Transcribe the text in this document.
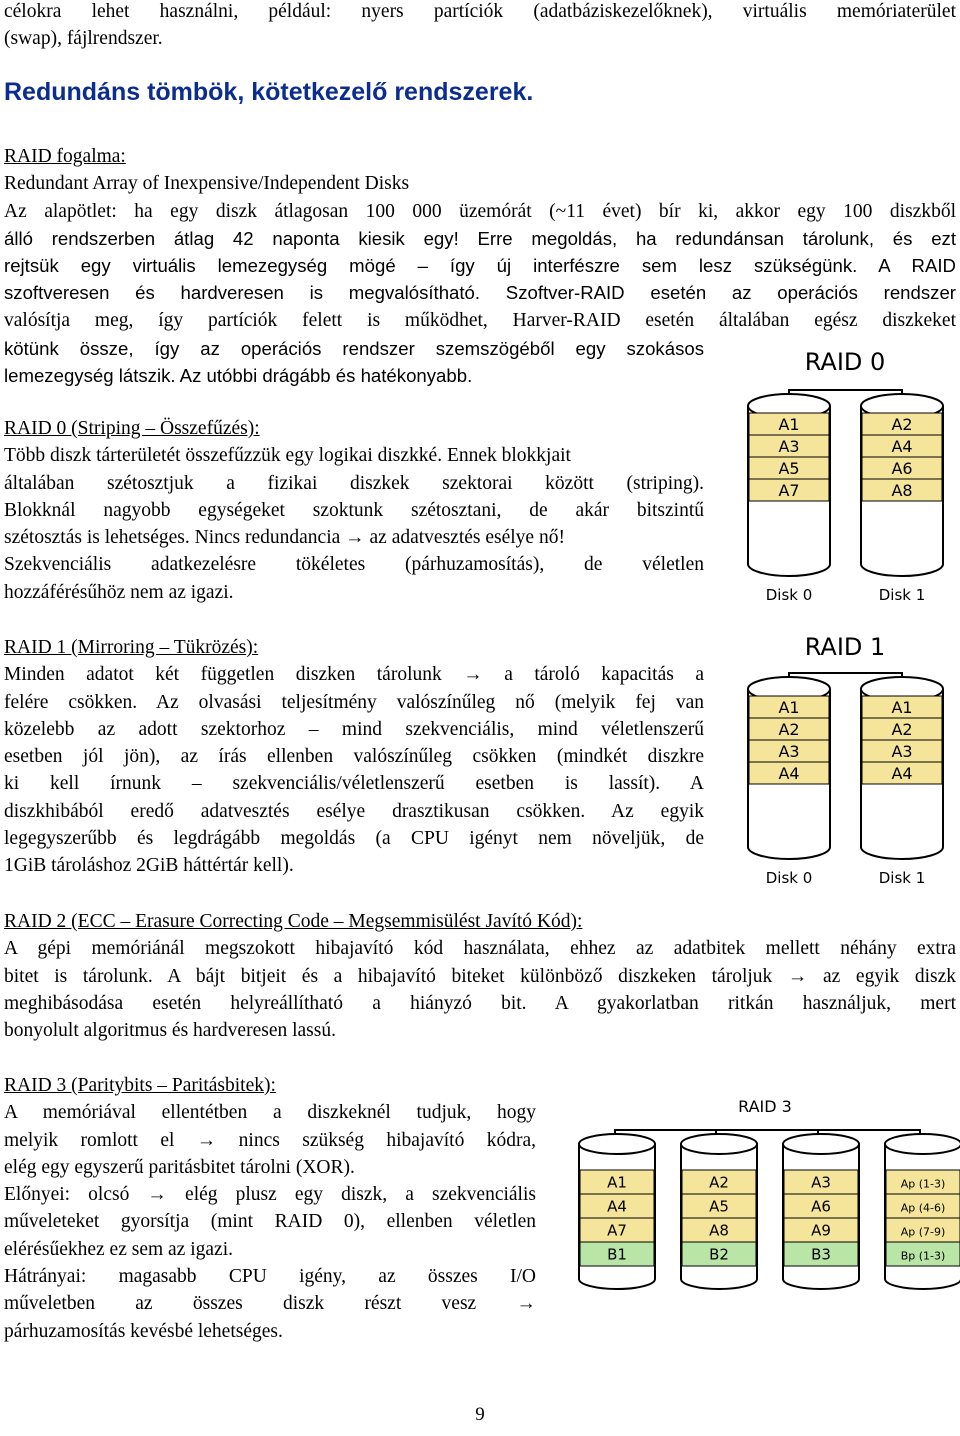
célokra lehet használni, például: nyers partíciók (adatbáziskezelőknek), virtuális memóriaterület
(swap), fájlrendszer.
Redundáns tömbök, kötetkezelő rendszerek.
RAID fogalma:
Redundant Array of Inexpensive/Independent Disks
Az alapötlet: ha egy diszk átlagosan 100 000 üzemórát (~11 évet) bír ki, akkor egy 100 diszkből
álló rendszerben átlag 42 naponta kiesik egy! Erre megoldás, ha redundánsan tárolunk, és ezt
rejtsük egy virtuális lemezegység mögé – így új interfészre sem lesz szükségünk. A RAID
szoftveresen és hardveresen is megvalósítható. Szoftver-RAID esetén az operációs rendszer
valósítja meg, így partíciók felett is működhet, Harver-RAID esetén általában egész diszkeket
kötünk össze, így az operációs rendszer szemszögéből egy szokásos
lemezegység látszik. Az utóbbi drágább és hatékonyabb.
RAID 0 (Striping – Összefűzés):
Több diszk tárterületét összefűzzük egy logikai diszkké. Ennek blokkjait
általában szétosztjuk a fizikai diszkek szektorai között (striping).
Blokknál nagyobb egységeket szoktunk szétosztani, de akár bitszintű
szétosztás is lehetséges. Nincs redundancia → az adatvesztés esélye nő!
Szekvenciális adatkezelésre tökéletes (párhuzamosítás), de véletlen
hozzáférésűhöz nem az igazi.
RAID 0
A1
A3
A5
A7
Disk 0
A2
A4
A6
A8
Disk 1
RAID 1 (Mirroring – Tükrözés):
Minden adatot két független diszken tárolunk → a tároló kapacitás a
felére csökken. Az olvasási teljesítmény valószínűleg nő (melyik fej van
közelebb az adott szektorhoz – mind szekvenciális, mind véletlenszerű
esetben jól jön), az írás ellenben valószínűleg csökken (mindkét diszkre
ki kell írnunk – szekvenciális/véletlenszerű esetben is lassít). A
diszkhibából eredő adatvesztés esélye drasztikusan csökken. Az egyik
legegyszerűbb és legdrágább megoldás (a CPU igényt nem növeljük, de
1GiB tároláshoz 2GiB háttértár kell).
RAID 1
A1
A2
A3
A4
Disk 0
A1
A2
A3
A4
Disk 1
RAID 2 (ECC – Erasure Correcting Code – Megsemmisülést Javító Kód):
A gépi memóriánál megszokott hibajavító kód használata, ehhez az adatbitek mellett néhány extra
bitet is tárolunk. A bájt bitjeit és a hibajavító biteket különböző diszkeken tároljuk → az egyik diszk
meghibásodása esetén helyreállítható a hiányzó bit. A gyakorlatban ritkán használjuk, mert
bonyolult algoritmus és hardveresen lassú.
RAID 3 (Paritybits – Paritásbitek):
A memóriával ellentétben a diszkeknél tudjuk, hogy
melyik romlott el → nincs szükség hibajavító kódra,
elég egy egyszerű paritásbitet tárolni (XOR).
Előnyei: olcsó → elég plusz egy diszk, a szekvenciális
műveleteket gyorsítja (mint RAID 0), ellenben véletlen
elérésűekhez ez sem az igazi.
Hátrányai: magasabb CPU igény, az összes I/O
műveletben az összes diszk részt vesz →
párhuzamosítás kevésbé lehetséges.
RAID 3
A1
A4
A7
B1
A2
A5
A8
B2
A3
A6
A9
B3
Ap (1-3)
Ap (4-6)
Ap (7-9)
Bp (1-3)
9
